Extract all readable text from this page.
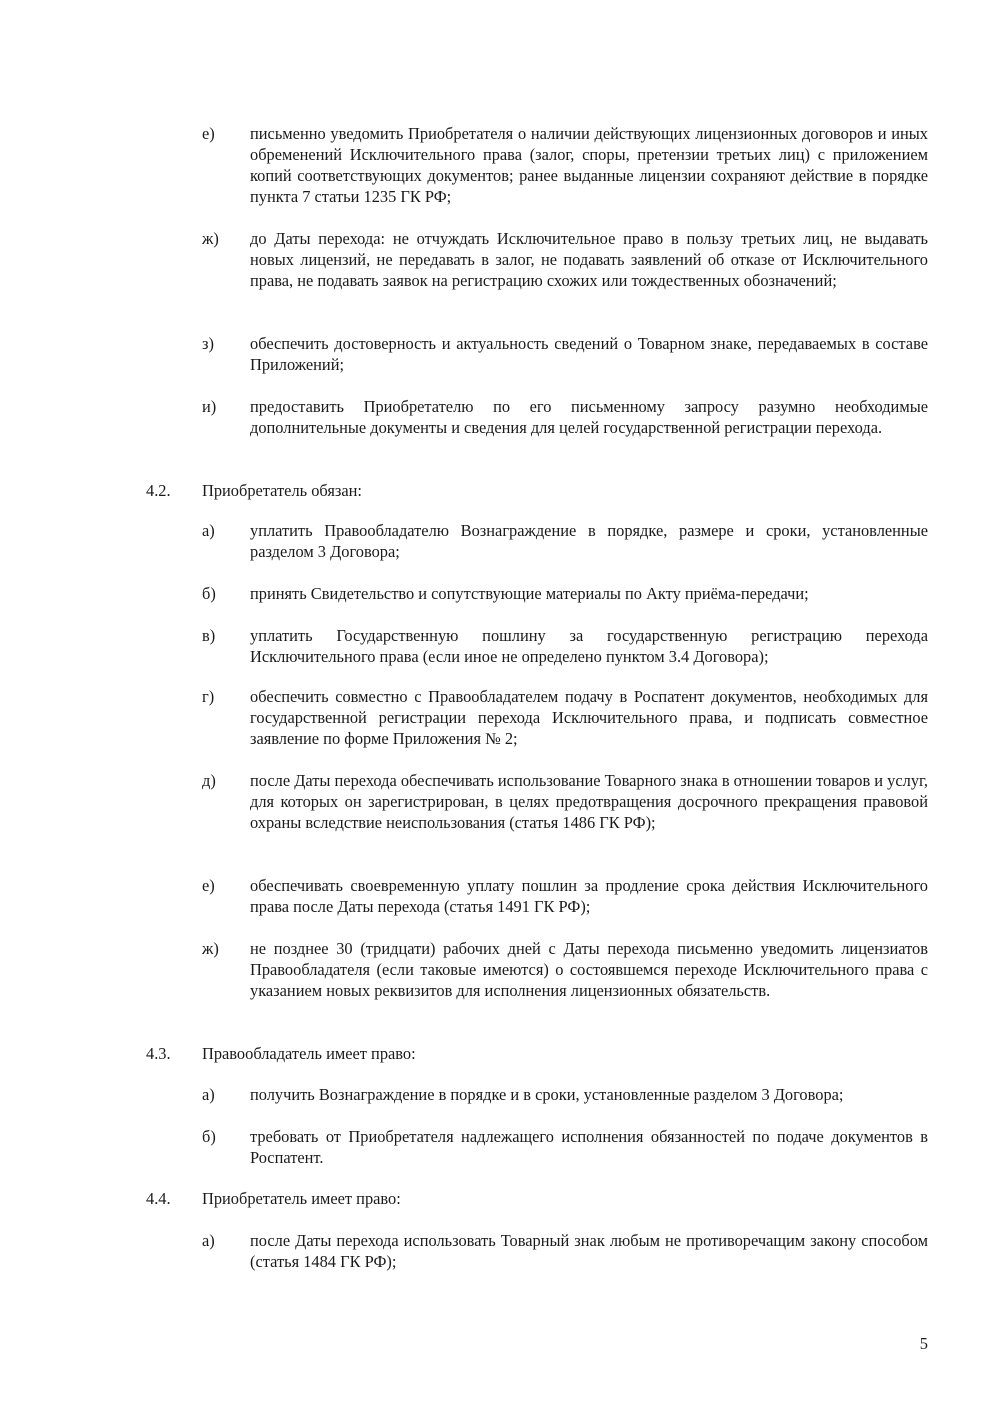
е)	письменно уведомить Приобретателя о наличии действующих лицензионных договоров и иных обременений Исключительного права (залог, споры, претензии третьих лиц) с приложением копий соответствующих документов; ранее выданные лицензии сохраняют действие в порядке пункта 7 статьи 1235 ГК РФ;
ж)	до Даты перехода: не отчуждать Исключительное право в пользу третьих лиц, не выдавать новых лицензий, не передавать в залог, не подавать заявлений об отказе от Исключительного права, не подавать заявок на регистрацию схожих или тождественных обозначений;
з)	обеспечить достоверность и актуальность сведений о Товарном знаке, передаваемых в составе Приложений;
и)	предоставить Приобретателю по его письменному запросу разумно необходимые дополнительные документы и сведения для целей государственной регистрации перехода.
4.2.	Приобретатель обязан:
а)	уплатить Правообладателю Вознаграждение в порядке, размере и сроки, установленные разделом 3 Договора;
б)	принять Свидетельство и сопутствующие материалы по Акту приёма-передачи;
в)	уплатить Государственную пошлину за государственную регистрацию перехода Исключительного права (если иное не определено пунктом 3.4 Договора);
г)	обеспечить совместно с Правообладателем подачу в Роспатент документов, необходимых для государственной регистрации перехода Исключительного права, и подписать совместное заявление по форме Приложения № 2;
д)	после Даты перехода обеспечивать использование Товарного знака в отношении товаров и услуг, для которых он зарегистрирован, в целях предотвращения досрочного прекращения правовой охраны вследствие неиспользования (статья 1486 ГК РФ);
е)	обеспечивать своевременную уплату пошлин за продление срока действия Исключительного права после Даты перехода (статья 1491 ГК РФ);
ж)	не позднее 30 (тридцати) рабочих дней с Даты перехода письменно уведомить лицензиатов Правообладателя (если таковые имеются) о состоявшемся переходе Исключительного права с указанием новых реквизитов для исполнения лицензионных обязательств.
4.3.	Правообладатель имеет право:
а)	получить Вознаграждение в порядке и в сроки, установленные разделом 3 Договора;
б)	требовать от Приобретателя надлежащего исполнения обязанностей по подаче документов в Роспатент.
4.4.	Приобретатель имеет право:
а)	после Даты перехода использовать Товарный знак любым не противоречащим закону способом (статья 1484 ГК РФ);
5
